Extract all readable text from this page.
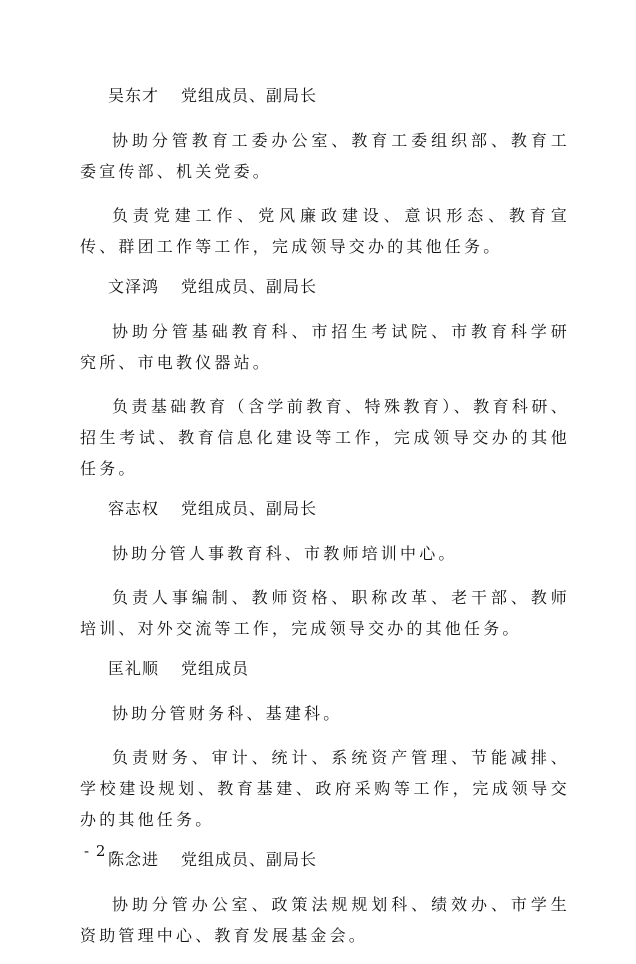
吴东才 党组成员、副局长

协助分管教育工委办公室、教育工委组织部、教育工委宣传部、机关党委。

负责党建工作、党风廉政建设、意识形态、教育宣传、群团工作等工作，完成领导交办的其他任务。

文泽鸿 党组成员、副局长

协助分管基础教育科、市招生考试院、市教育科学研究所、市电教仪器站。

负责基础教育（含学前教育、特殊教育）、教育科研、招生考试、教育信息化建设等工作，完成领导交办的其他任务。

容志权 党组成员、副局长

协助分管人事教育科、市教师培训中心。

负责人事编制、教师资格、职称改革、老干部、教师培训、对外交流等工作，完成领导交办的其他任务。

匡礼顺 党组成员

协助分管财务科、基建科。

负责财务、审计、统计、系统资产管理、节能减排、学校建设规划、教育基建、政府采购等工作，完成领导交办的其他任务。

陈念进 党组成员、副局长

协助分管办公室、政策法规规划科、绩效办、市学生资助管理中心、教育发展基金会。

- 2 -
